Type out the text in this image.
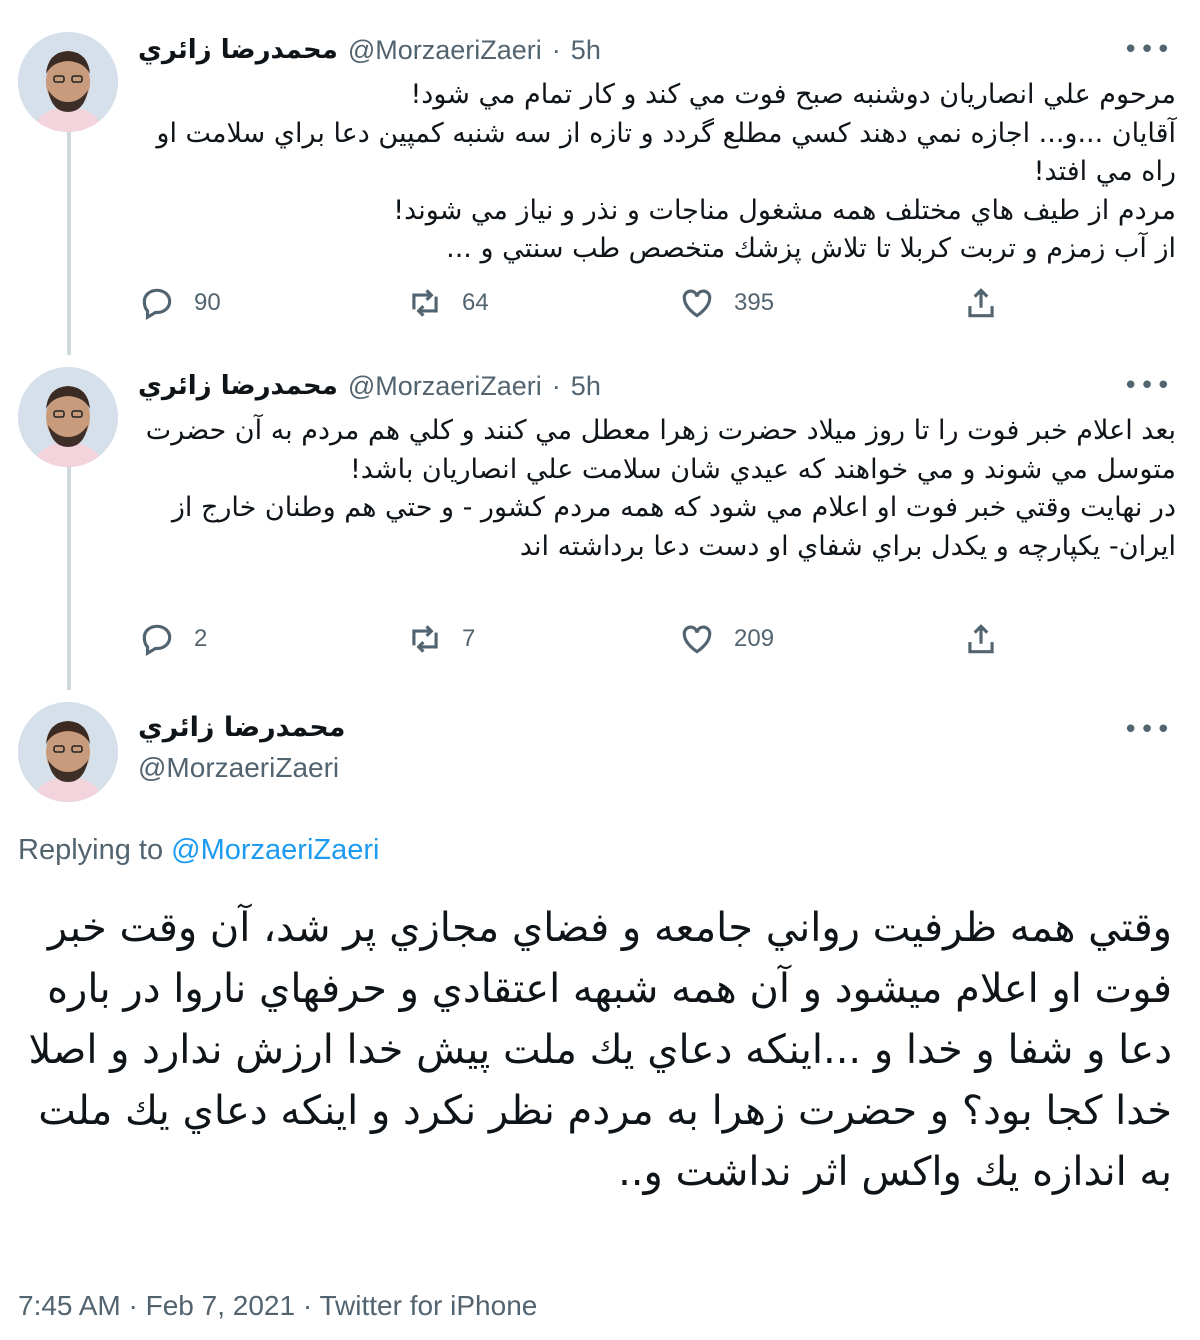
محمدرضا زائري @MorzaeriZaeri · 5h	•••

مرحوم علي انصاريان دوشنبه صبح فوت مي كند و كار تمام مي شود!

آقايان ...و... اجازه نمي دهند كسي مطلع گردد و تازه از سه شنبه كمپين دعا براي سلامت او راه مي افتد!

مردم از طيف هاي مختلف همه مشغول مناجات و نذر و نياز مي شوند!

از آب زمزم و تربت كربلا تا تلاش پزشك متخصص طب سنتي و ...

90	64	395
محمدرضا زائري @MorzaeriZaeri · 5h	•••

بعد اعلام خبر فوت را تا روز ميلاد حضرت زهرا معطل مي كنند و كلي هم مردم به آن حضرت متوسل مي شوند و مي خواهند كه عيدي شان سلامت علي انصاريان باشد!

در نهايت وقتي خبر فوت او اعلام مي شود كه همه مردم كشور - و حتي هم وطنان خارج از ايران- يكپارچه و يكدل براي شفاي او دست دعا برداشته اند

2	7	209
محمدرضا زائري
@MorzaeriZaeri
•••
Replying to @MorzaeriZaeri
وقتي همه ظرفيت رواني جامعه و فضاي مجازي پر شد، آن وقت خبر فوت او اعلام ميشود و آن همه شبهه اعتقادي و حرفهاي ناروا در باره دعا و شفا و خدا و ...اينكه دعاي يك ملت پيش خدا ارزش ندارد و اصلا خدا كجا بود؟ و حضرت زهرا به مردم نظر نكرد و اينكه دعاي يك ملت به اندازه يك واكس اثر نداشت و..
7:45 AM · Feb 7, 2021 · Twitter for iPhone
